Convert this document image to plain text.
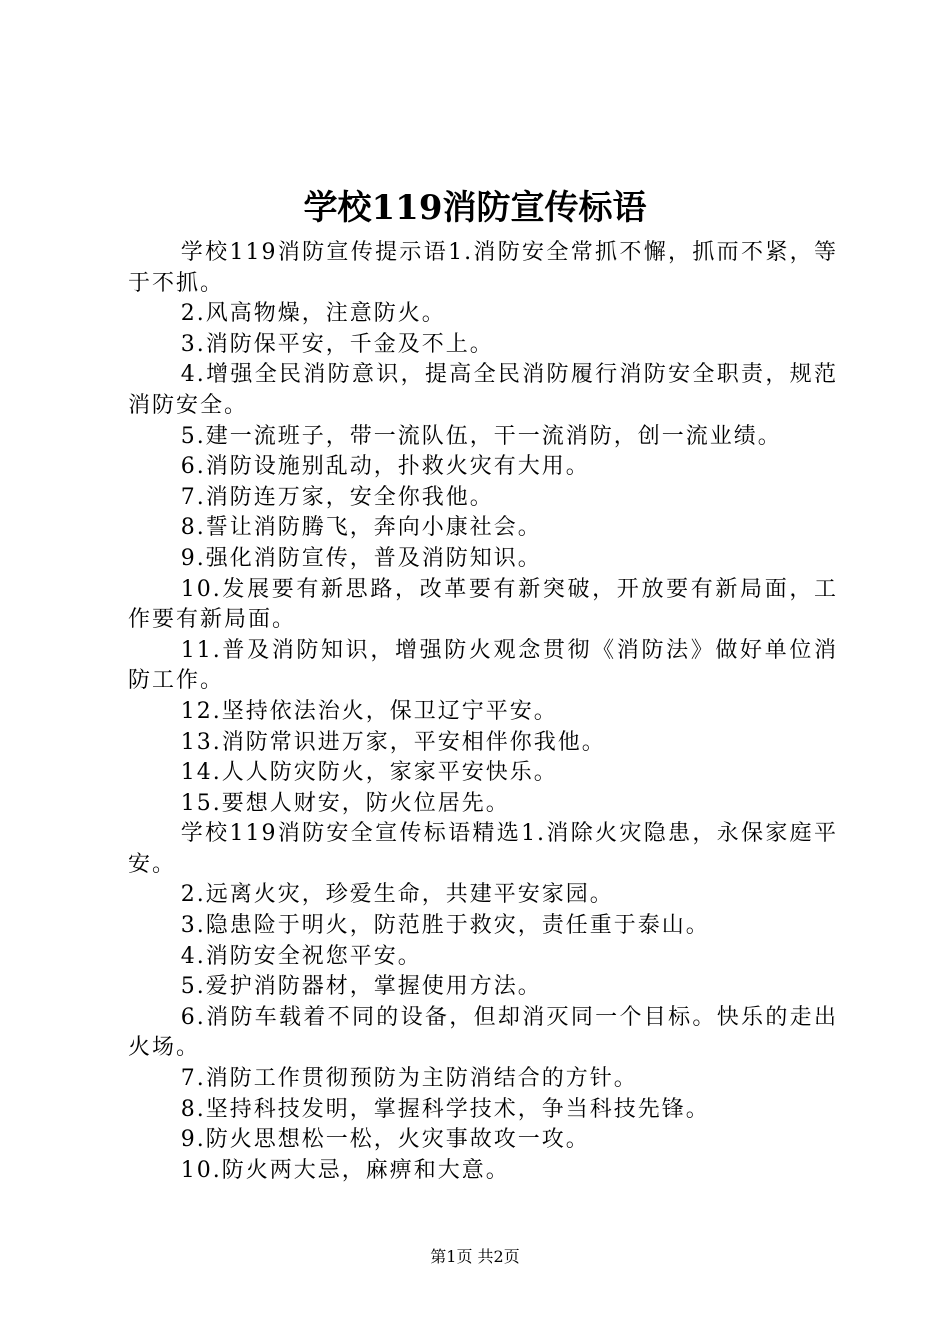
学校119消防宣传标语

学校119消防宣传提示语1.消防安全常抓不懈，抓而不紧，等于不抓。

2.风高物燥，注意防火。

3.消防保平安，千金及不上。

4.增强全民消防意识，提高全民消防履行消防安全职责，规范消防安全。

5.建一流班子，带一流队伍，干一流消防，创一流业绩。

6.消防设施别乱动，扑救火灾有大用。

7.消防连万家，安全你我他。

8.誓让消防腾飞，奔向小康社会。

9.强化消防宣传，普及消防知识。

10.发展要有新思路，改革要有新突破，开放要有新局面，工作要有新局面。

11.普及消防知识，增强防火观念贯彻《消防法》做好单位消防工作。

12.坚持依法治火，保卫辽宁平安。

13.消防常识进万家，平安相伴你我他。

14.人人防灾防火，家家平安快乐。

15.要想人财安，防火位居先。

学校119消防安全宣传标语精选1.消除火灾隐患，永保家庭平安。

2.远离火灾，珍爱生命，共建平安家园。

3.隐患险于明火，防范胜于救灾，责任重于泰山。

4.消防安全祝您平安。

5.爱护消防器材，掌握使用方法。

6.消防车载着不同的设备，但却消灭同一个目标。快乐的走出火场。

7.消防工作贯彻预防为主防消结合的方针。

8.坚持科技发明，掌握科学技术，争当科技先锋。

9.防火思想松一松，火灾事故攻一攻。

10.防火两大忌，麻痹和大意。

第1页 共2页
